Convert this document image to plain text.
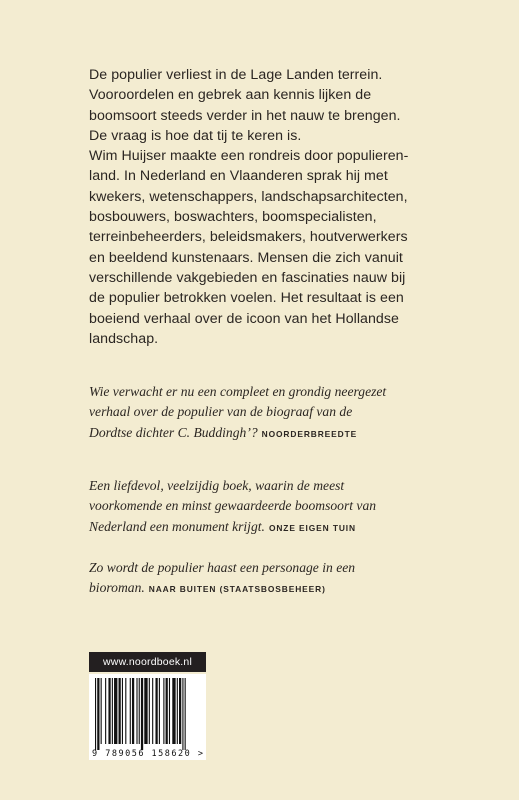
De populier verliest in de Lage Landen terrein.

Vooroordelen en gebrek aan kennis lijken de

boomsoort steeds verder in het nauw te brengen.

De vraag is hoe dat tij te keren is.

Wim Huijser maakte een rondreis door populieren-

land. In Nederland en Vlaanderen sprak hij met

kwekers, wetenschappers, landschapsarchitecten,

bosbouwers, boswachters, boomspecialisten,

terreinbeheerders, beleidsmakers, houtverwerkers

en beeldend kunstenaars. Mensen die zich vanuit

verschillende vakgebieden en fascinaties nauw bij

de populier betrokken voelen. Het resultaat is een

boeiend verhaal over de icoon van het Hollandse

landschap.

Wie verwacht er nu een compleet en grondig neergezet
verhaal over de populier van de biograaf van de
Dordtse dichter C. Buddingh’? NOORDERBREEDTE
Een liefdevol, veelzijdig boek, waarin de meest
voorkomende en minst gewaardeerde boomsoort van
Nederland een monument krijgt. ONZE EIGEN TUIN
Zo wordt de populier haast een personage in een
bioroman. NAAR BUITEN (STAATSBOSBEHEER)
www.noordboek.nl
9 789056 158620 >
